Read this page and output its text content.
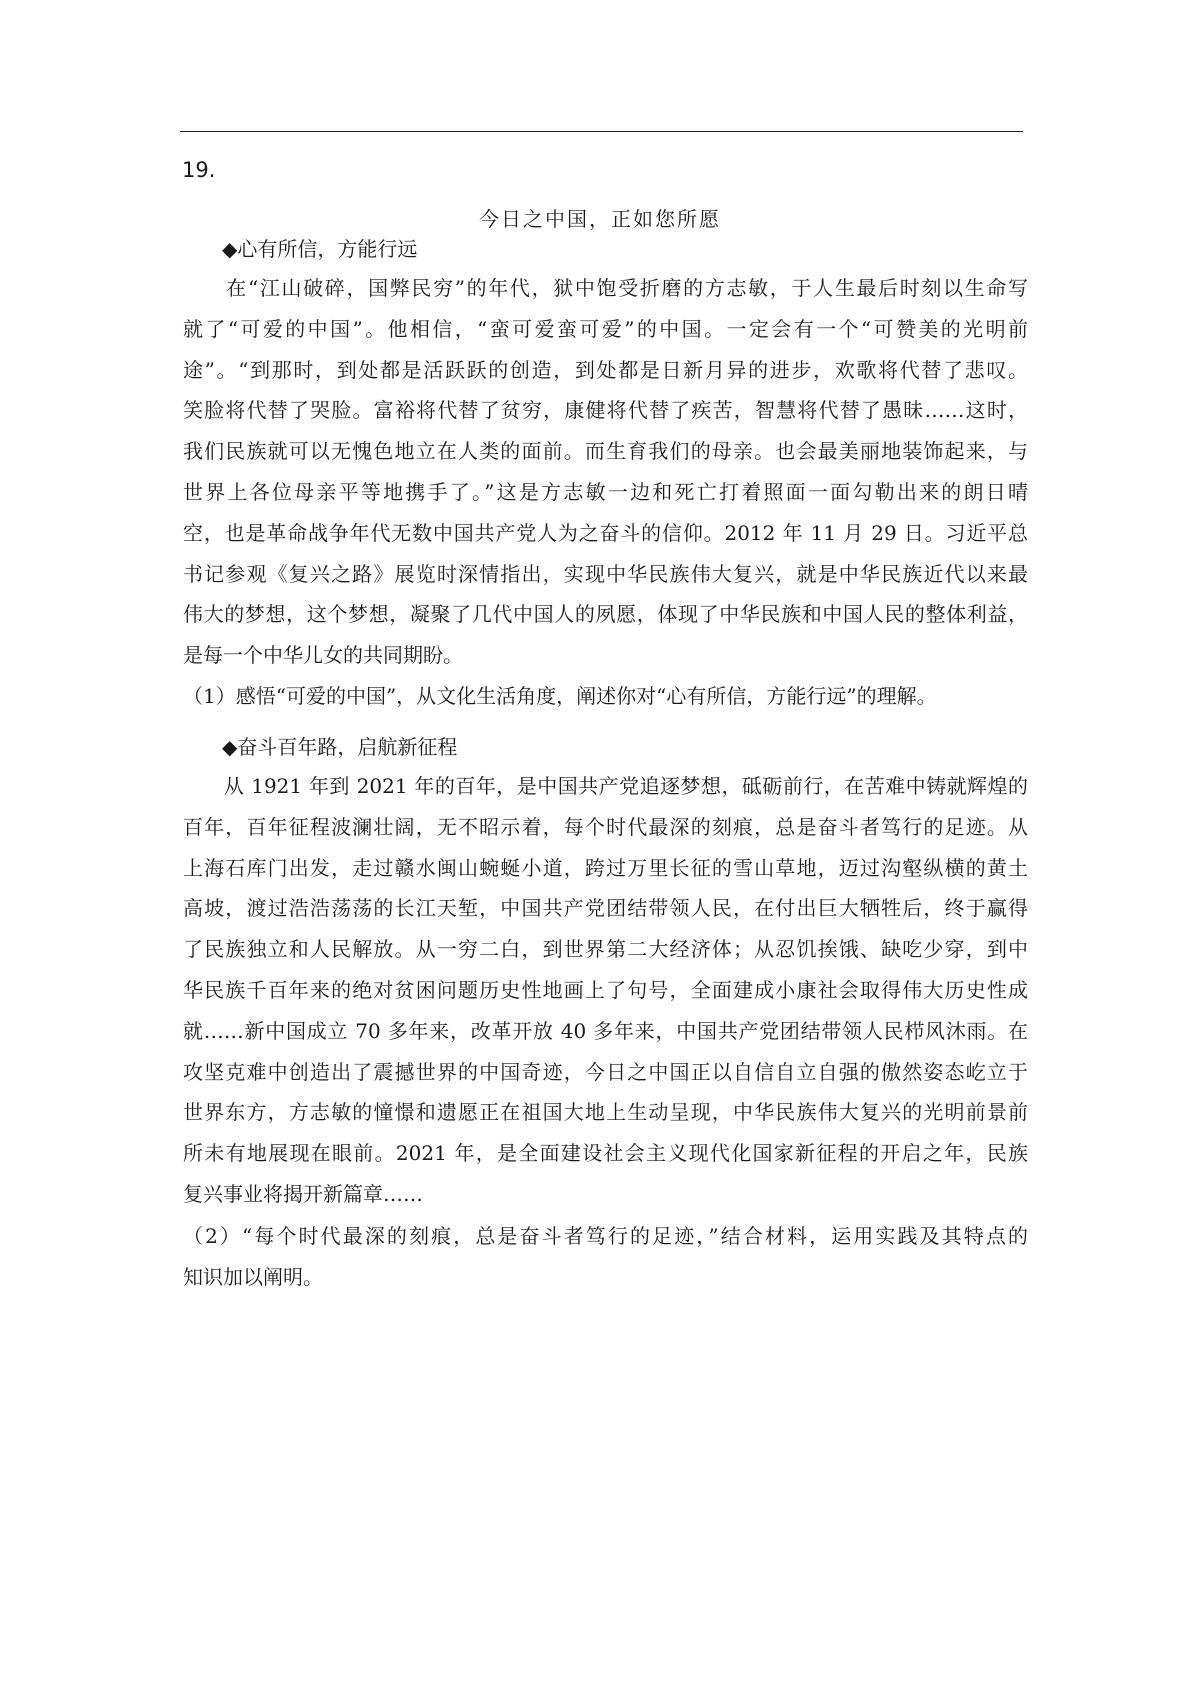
19.
今日之中国，正如您所愿
◆心有所信，方能行远
　　在“江山破碎，国弊民穷”的年代，狱中饱受折磨的方志敏，于人生最后时刻以生命写
就了“可爱的中国”。他相信，“蛮可爱蛮可爱”的中国。一定会有一个“可赞美的光明前
途”。“到那时，到处都是活跃跃的创造，到处都是日新月异的进步，欢歌将代替了悲叹。
笑脸将代替了哭脸。富裕将代替了贫穷，康健将代替了疾苦，智慧将代替了愚昧……这时，
我们民族就可以无愧色地立在人类的面前。而生育我们的母亲。也会最美丽地装饰起来，与
世界上各位母亲平等地携手了。”这是方志敏一边和死亡打着照面一面勾勒出来的朗日晴
空，也是革命战争年代无数中国共产党人为之奋斗的信仰。2012 年 11 月 29 日。习近平总
书记参观《复兴之路》展览时深情指出，实现中华民族伟大复兴，就是中华民族近代以来最
伟大的梦想，这个梦想，凝聚了几代中国人的夙愿，体现了中华民族和中国人民的整体利益，
是每一个中华儿女的共同期盼。
（1）感悟“可爱的中国”，从文化生活角度，阐述你对“心有所信，方能行远”的理解。
◆奋斗百年路，启航新征程
　　从 1921 年到 2021 年的百年，是中国共产党追逐梦想，砥砺前行，在苦难中铸就辉煌的
百年，百年征程波澜壮阔，无不昭示着，每个时代最深的刻痕，总是奋斗者笃行的足迹。从
上海石库门出发，走过赣水闽山蜿蜒小道，跨过万里长征的雪山草地，迈过沟壑纵横的黄土
高坡，渡过浩浩荡荡的长江天堑，中国共产党团结带领人民，在付出巨大牺牲后，终于赢得
了民族独立和人民解放。从一穷二白，到世界第二大经济体；从忍饥挨饿、缺吃少穿，到中
华民族千百年来的绝对贫困问题历史性地画上了句号，全面建成小康社会取得伟大历史性成
就……新中国成立 70 多年来，改革开放 40 多年来，中国共产党团结带领人民栉风沐雨。在
攻坚克难中创造出了震撼世界的中国奇迹，今日之中国正以自信自立自强的傲然姿态屹立于
世界东方，方志敏的憧憬和遗愿正在祖国大地上生动呈现，中华民族伟大复兴的光明前景前
所未有地展现在眼前。2021 年，是全面建设社会主义现代化国家新征程的开启之年，民族
复兴事业将揭开新篇章……
（2）“每个时代最深的刻痕，总是奋斗者笃行的足迹，”结合材料，运用实践及其特点的
知识加以阐明。
